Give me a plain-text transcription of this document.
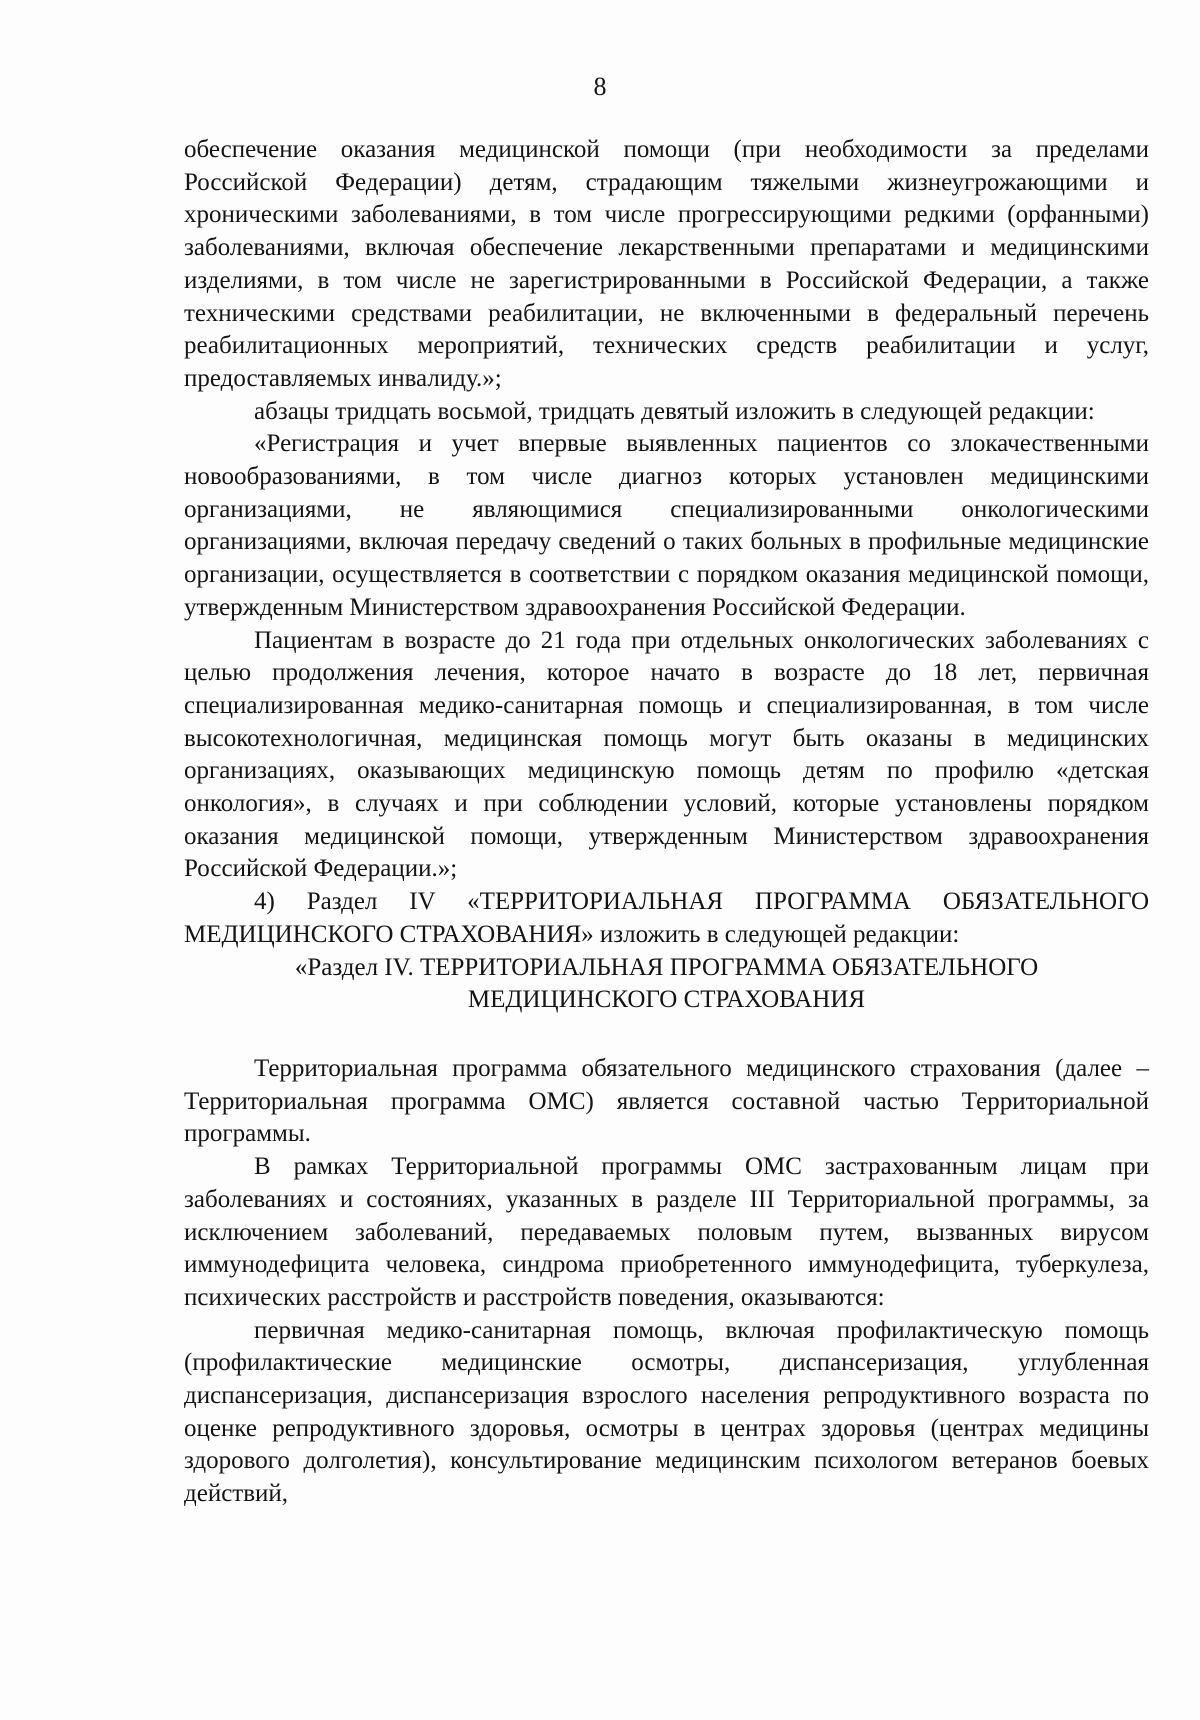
8

обеспечение оказания медицинской помощи (при необходимости за пределами Российской Федерации) детям, страдающим тяжелыми жизнеугрожающими и хроническими заболеваниями, в том числе прогрессирующими редкими (орфанными) заболеваниями, включая обеспечение лекарственными препаратами и медицинскими изделиями, в том числе не зарегистрированными в Российской Федерации, а также техническими средствами реабилитации, не включенными в федеральный перечень реабилитационных мероприятий, технических средств реабилитации и услуг, предоставляемых инвалиду.»;

абзацы тридцать восьмой, тридцать девятый изложить в следующей редакции:

«Регистрация и учет впервые выявленных пациентов со злокачественными новообразованиями, в том числе диагноз которых установлен медицинскими организациями, не являющимися специализированными онкологическими организациями, включая передачу сведений о таких больных в профильные медицинские организации, осуществляется в соответствии с порядком оказания медицинской помощи, утвержденным Министерством здравоохранения Российской Федерации.

Пациентам в возрасте до 21 года при отдельных онкологических заболеваниях с целью продолжения лечения, которое начато в возрасте до 18 лет, первичная специализированная медико-санитарная помощь и специализированная, в том числе высокотехнологичная, медицинская помощь могут быть оказаны в медицинских организациях, оказывающих медицинскую помощь детям по профилю «детская онкология», в случаях и при соблюдении условий, которые установлены порядком оказания медицинской помощи, утвержденным Министерством здравоохранения Российской Федерации.»;

4) Раздел IV «ТЕРРИТОРИАЛЬНАЯ ПРОГРАММА ОБЯЗАТЕЛЬНОГО МЕДИЦИНСКОГО СТРАХОВАНИЯ» изложить в следующей редакции:

«Раздел IV. ТЕРРИТОРИАЛЬНАЯ ПРОГРАММА ОБЯЗАТЕЛЬНОГО
МЕДИЦИНСКОГО СТРАХОВАНИЯ

Территориальная программа обязательного медицинского страхования (далее – Территориальная программа ОМС) является составной частью Территориальной программы.

В рамках Территориальной программы ОМС застрахованным лицам при заболеваниях и состояниях, указанных в разделе III Территориальной программы, за исключением заболеваний, передаваемых половым путем, вызванных вирусом иммунодефицита человека, синдрома приобретенного иммунодефицита, туберкулеза, психических расстройств и расстройств поведения, оказываются:

первичная медико-санитарная помощь, включая профилактическую помощь (профилактические медицинские осмотры, диспансеризация, углубленная диспансеризация, диспансеризация взрослого населения репродуктивного возраста по оценке репродуктивного здоровья, осмотры в центрах здоровья (центрах медицины здорового долголетия), консультирование медицинским психологом ветеранов боевых действий,
